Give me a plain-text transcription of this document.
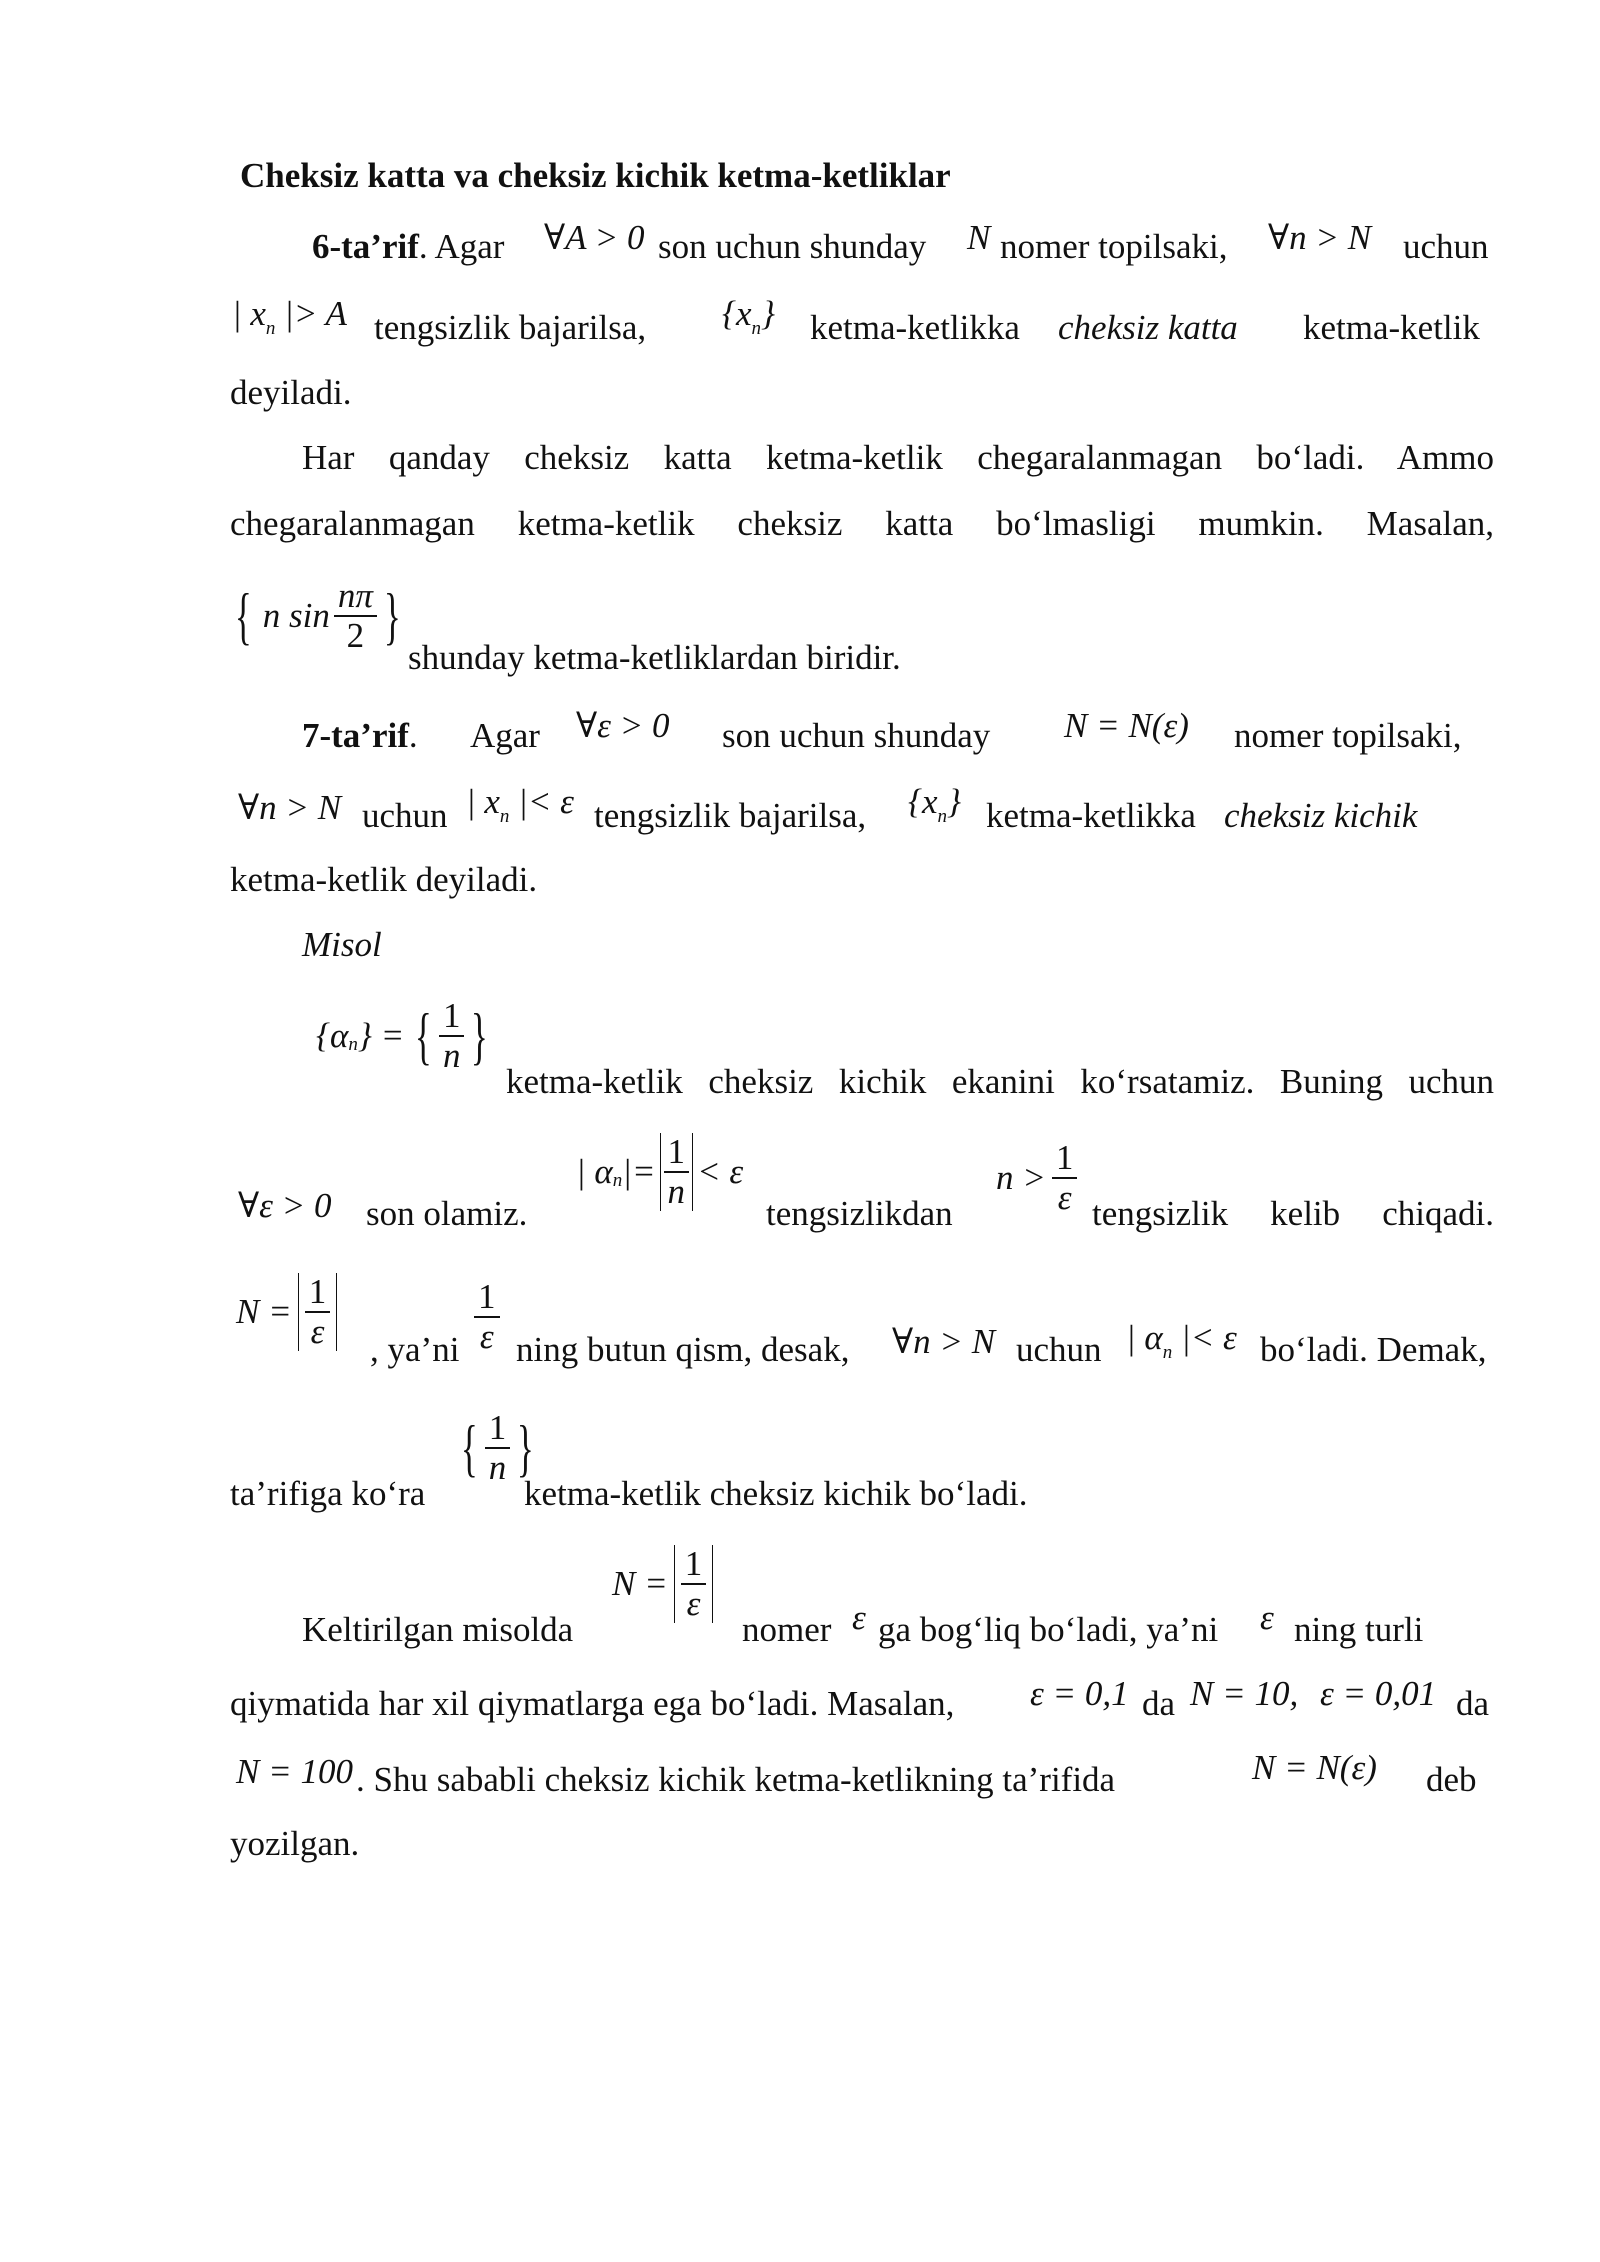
Cheksiz katta va cheksiz kichik ketma-ketliklar
6-ta’rif. Agar ∀A > 0 son uchun shunday N nomer topilsaki, ∀n > N uchun
| $x_n$ |> A tengsizlik bajarilsa, $\{x_n\}$ ketma-ketlikka cheksiz katta ketma-ketlik
deyiladi.
Har qanday cheksiz katta ketma-ketlik chegaralanmagan bo‘ladi. Ammo
chegaralanmagan ketma-ketlik cheksiz katta bo‘lmasligi mumkin. Masalan,
{ n $\sin \frac{n\pi}{2}$ }
shunday ketma-ketliklardan biridir.
7-ta’rif. Agar ∀ε > 0 son uchun shunday N = N(ε) nomer topilsaki,
∀n > N uchun | $x_n$ |< ε tengsizlik bajarilsa, $\{x_n\}$ ketma-ketlikka cheksiz kichik
ketma-ketlik deyiladi.
Misol
{α n } = { $\frac{1}{n}$ }
ketma-ketlik cheksiz kichik ekanini ko‘rsatamiz. Buning uchun
∀ε > 0 son olamiz.
| α n |= $\frac{1}{n} < \varepsilon$
tengsizlikdan
$n > \frac{1}{\varepsilon}$ tengsizlik kelib chiqadi.
$N = \frac{1}{\varepsilon}$ , ya’ni $\frac{1}{\varepsilon}$ ning butun qism, desak, ∀n > N uchun | $\alpha_n$ |< ε bo‘ladi. Demak,
ta’rifiga ko‘ra
{ $\frac{1}{n}$ }
ketma-ketlik cheksiz kichik bo‘ladi.
Keltirilgan misolda
$N = \frac{1}{\varepsilon}$
nomer ε ga bog‘liq bo‘ladi, ya’ni ε ning turli
qiymatida har xil qiymatlarga ega bo‘ladi. Masalan, ε = 0,1 da N = 10, ε = 0,01 da
N = 100 . Shu sababli cheksiz kichik ketma-ketlikning ta’rifida	N = N(ε) deb
yozilgan.
